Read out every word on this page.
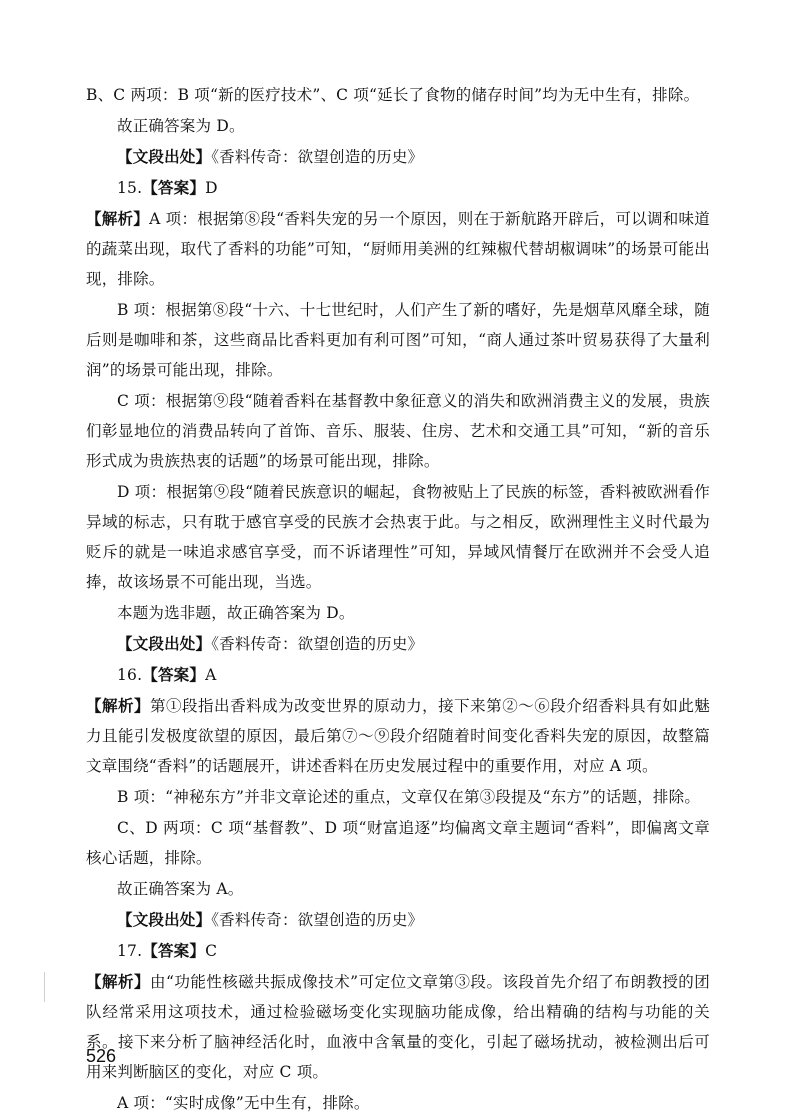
B、C 两项：B 项“新的医疗技术”、C 项“延长了食物的储存时间”均为无中生有，排除。

故正确答案为 D。

【文段出处】《香料传奇：欲望创造的历史》

15.【答案】D

【解析】A 项：根据第⑧段“香料失宠的另一个原因，则在于新航路开辟后，可以调和味道的蔬菜出现，取代了香料的功能”可知，“厨师用美洲的红辣椒代替胡椒调味”的场景可能出现，排除。

B 项：根据第⑧段“十六、十七世纪时，人们产生了新的嗜好，先是烟草风靡全球，随后则是咖啡和茶，这些商品比香料更加有利可图”可知，“商人通过茶叶贸易获得了大量利润”的场景可能出现，排除。

C 项：根据第⑨段“随着香料在基督教中象征意义的消失和欧洲消费主义的发展，贵族们彰显地位的消费品转向了首饰、音乐、服装、住房、艺术和交通工具”可知，“新的音乐形式成为贵族热衷的话题”的场景可能出现，排除。

D 项：根据第⑨段“随着民族意识的崛起，食物被贴上了民族的标签，香料被欧洲看作异域的标志，只有耽于感官享受的民族才会热衷于此。与之相反，欧洲理性主义时代最为贬斥的就是一味追求感官享受，而不诉诸理性”可知，异域风情餐厅在欧洲并不会受人追捧，故该场景不可能出现，当选。

本题为选非题，故正确答案为 D。

【文段出处】《香料传奇：欲望创造的历史》

16.【答案】A

【解析】第①段指出香料成为改变世界的原动力，接下来第②～⑥段介绍香料具有如此魅力且能引发极度欲望的原因，最后第⑦～⑨段介绍随着时间变化香料失宠的原因，故整篇文章围绕“香料”的话题展开，讲述香料在历史发展过程中的重要作用，对应 A 项。

B 项：“神秘东方”并非文章论述的重点，文章仅在第③段提及“东方”的话题，排除。

C、D 两项：C 项“基督教”、D 项“财富追逐”均偏离文章主题词“香料”，即偏离文章核心话题，排除。

故正确答案为 A。

【文段出处】《香料传奇：欲望创造的历史》

17.【答案】C

【解析】由“功能性核磁共振成像技术”可定位文章第③段。该段首先介绍了布朗教授的团队经常采用这项技术，通过检验磁场变化实现脑功能成像，给出精确的结构与功能的关系。接下来分析了脑神经活化时，血液中含氧量的变化，引起了磁场扰动，被检测出后可用来判断脑区的变化，对应 C 项。

A 项：“实时成像”无中生有，排除。

526
